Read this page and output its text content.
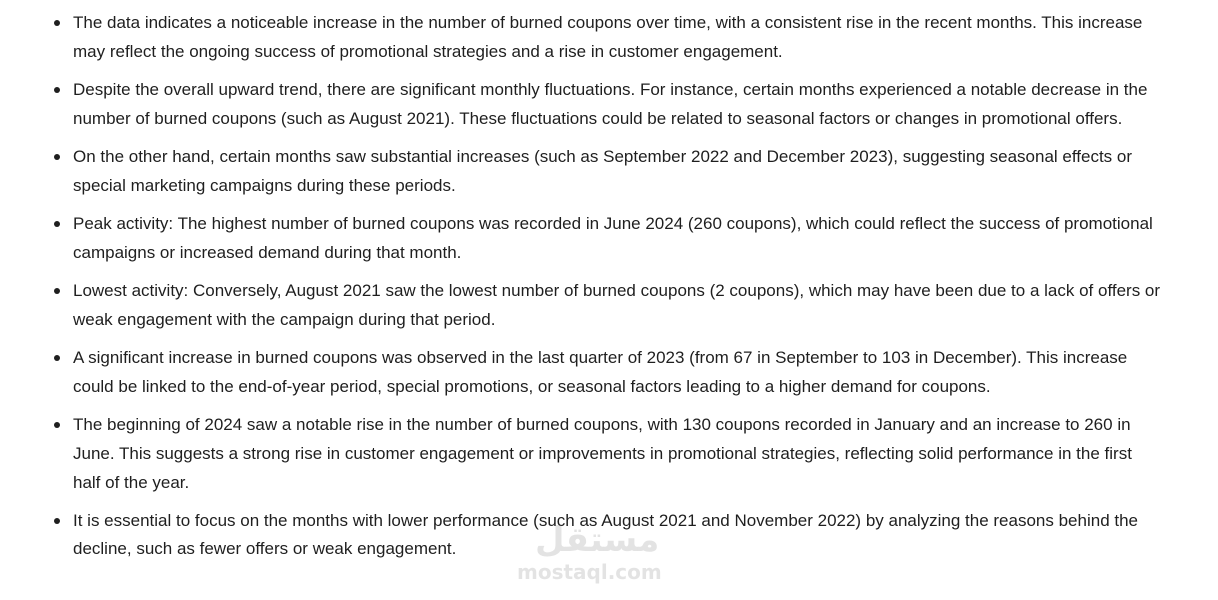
The data indicates a noticeable increase in the number of burned coupons over time, with a consistent rise in the recent months. This increase may reflect the ongoing success of promotional strategies and a rise in customer engagement.
Despite the overall upward trend, there are significant monthly fluctuations. For instance, certain months experienced a notable decrease in the number of burned coupons (such as August 2021). These fluctuations could be related to seasonal factors or changes in promotional offers.
On the other hand, certain months saw substantial increases (such as September 2022 and December 2023), suggesting seasonal effects or special marketing campaigns during these periods.
Peak activity: The highest number of burned coupons was recorded in June 2024 (260 coupons), which could reflect the success of promotional campaigns or increased demand during that month.
Lowest activity: Conversely, August 2021 saw the lowest number of burned coupons (2 coupons), which may have been due to a lack of offers or weak engagement with the campaign during that period.
A significant increase in burned coupons was observed in the last quarter of 2023 (from 67 in September to 103 in December). This increase could be linked to the end-of-year period, special promotions, or seasonal factors leading to a higher demand for coupons.
The beginning of 2024 saw a notable rise in the number of burned coupons, with 130 coupons recorded in January and an increase to 260 in June. This suggests a strong rise in customer engagement or improvements in promotional strategies, reflecting solid performance in the first half of the year.
It is essential to focus on the months with lower performance (such as August 2021 and November 2022) by analyzing the reasons behind the decline, such as fewer offers or weak engagement.	مستقل
mostaql.com
